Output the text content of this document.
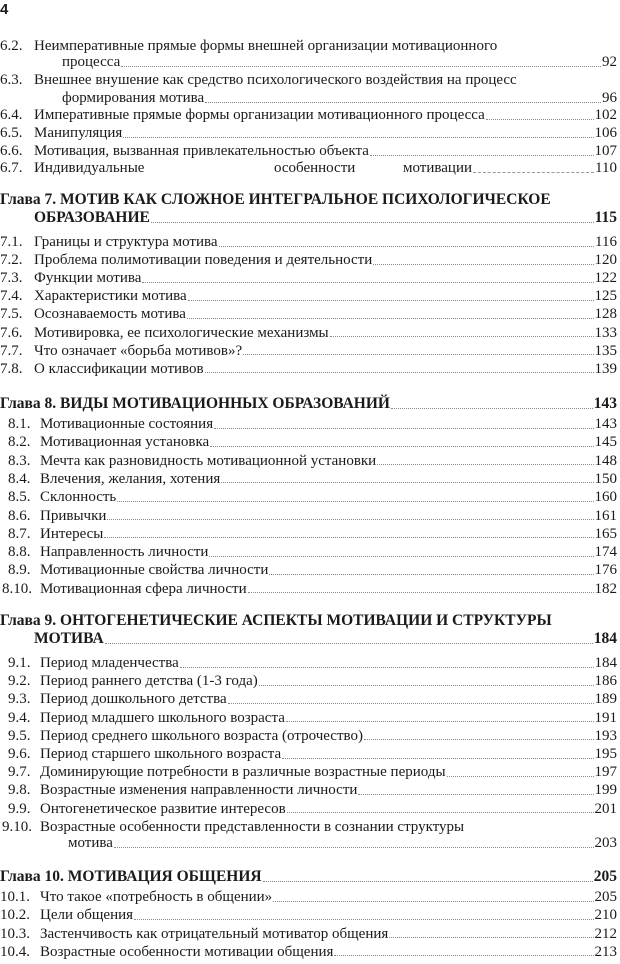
4
6.2. Неимперативные прямые формы внешней организации мотивационного
процесса	92
6.3. Внешнее внушение как средство психологического воздействия на процесс
формирования мотива	96
6.4. Императивные прямые формы организации мотивационного процесса	102
6.5. Манипуляция	106
6.6. Мотивация, вызванная привлекательностью объекта	107
6.7. Индивидуальные	особенности	мотивации	110
Глава 7. МОТИВ КАК СЛОЖНОЕ ИНТЕГРАЛЬНОЕ ПСИХОЛОГИЧЕСКОЕ
ОБРАЗОВАНИЕ	115
7.1. Границы и структура мотива	116
7.2. Проблема полимотивации поведения и деятельности	120
7.3. Функции мотива	122
7.4. Характеристики мотива	125
7.5. Осознаваемость мотива	128
7.6. Мотивировка, ее психологические механизмы	133
7.7. Что означает «борьба мотивов»?	135
7.8. О классификации мотивов	139
Глава 8. ВИДЫ МОТИВАЦИОННЫХ ОБРАЗОВАНИЙ	143
8.1. Мотивационные состояния	143
8.2. Мотивационная установка	145
8.3. Мечта как разновидность мотивационной установки	148
8.4. Влечения, желания, хотения	150
8.5. Склонность	160
8.6. Привычки	161
8.7. Интересы	165
8.8. Направленность личности	174
8.9. Мотивационные свойства личности	176
8.10. Мотивационная сфера личности	182
Глава 9. ОНТОГЕНЕТИЧЕСКИЕ АСПЕКТЫ МОТИВАЦИИ И СТРУКТУРЫ
МОТИВА	184
9.1. Период младенчества	184
9.2. Период раннего детства (1-3 года)	186
9.3. Период дошкольного детства	189
9.4. Период младшего школьного возраста	191
9.5. Период среднего школьного возраста (отрочество)	193
9.6. Период старшего школьного возраста	195
9.7. Доминирующие потребности в различные возрастные периоды	197
9.8. Возрастные изменения направленности личности	199
9.9. Онтогенетическое развитие интересов	201
9.10. Возрастные особенности представленности в сознании структуры
мотива	203
Глава 10. МОТИВАЦИЯ ОБЩЕНИЯ	205
10.1. Что такое «потребность в общении»	205
10.2. Цели общения	210
10.3. Застенчивость как отрицательный мотиватор общения	212
10.4. Возрастные особенности мотивации общения	213
